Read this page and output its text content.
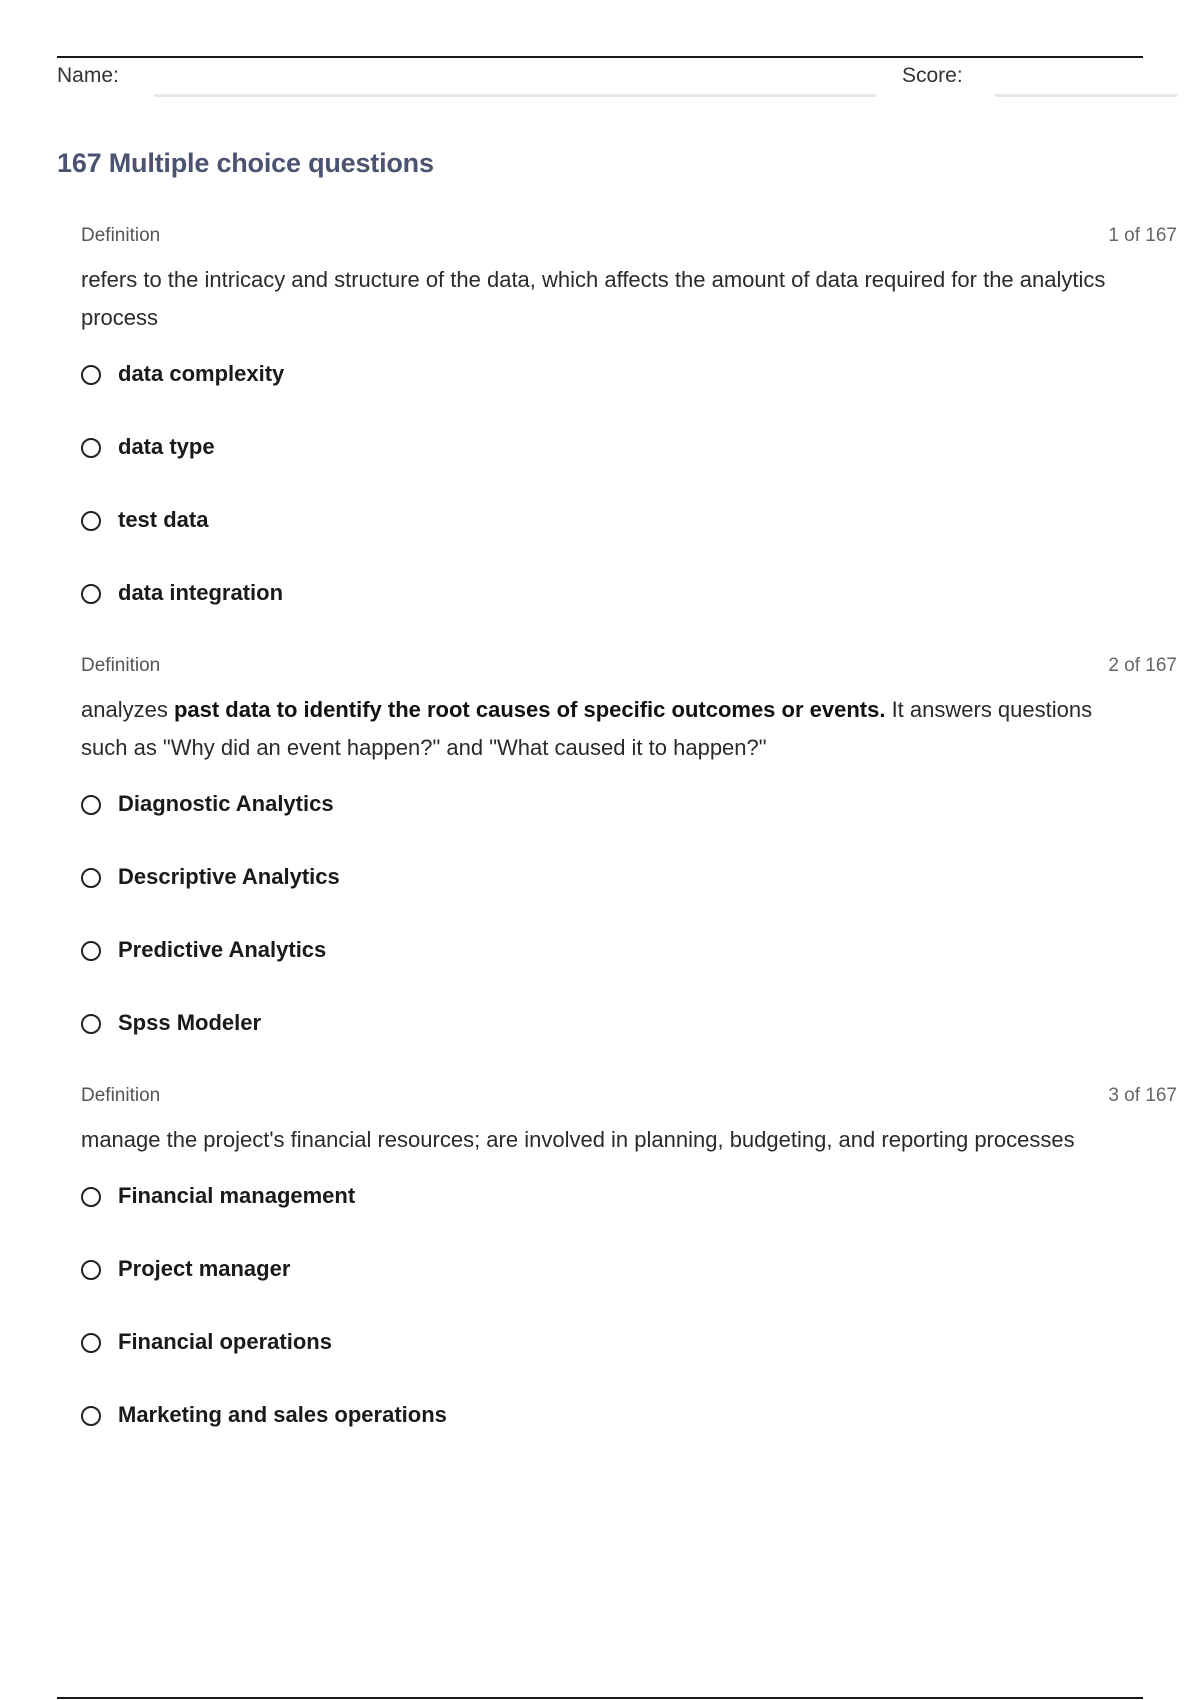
Name:	Score:
167 Multiple choice questions
Definition	1 of 167

refers to the intricacy and structure of the data, which affects the amount of data required for the analytics process

data complexity
data type
test data
data integration
Definition	2 of 167

analyzes past data to identify the root causes of specific outcomes or events. It answers questions such as "Why did an event happen?" and "What caused it to happen?"

Diagnostic Analytics
Descriptive Analytics
Predictive Analytics
Spss Modeler
Definition	3 of 167

manage the project's financial resources; are involved in planning, budgeting, and reporting processes

Financial management
Project manager
Financial operations
Marketing and sales operations
